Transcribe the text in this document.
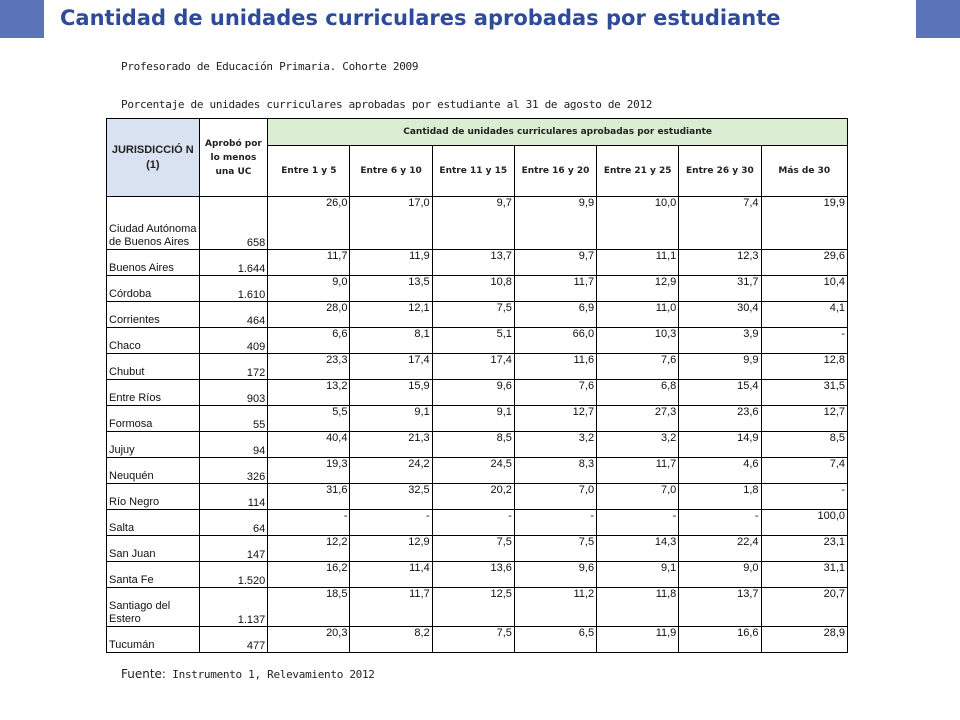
Cantidad de unidades curriculares aprobadas por estudiante
Profesorado de Educación Primaria. Cohorte 2009
Porcentaje de unidades curriculares aprobadas por estudiante al 31 de agosto de 2012
JURISDICCIÓ N (1)	Aprobó por lo menos una UC	Cantidad de unidades curriculares aprobadas por estudiante						
		Entre 1 y 5	Entre 6 y 10	Entre 11 y 15	Entre 16 y 20	Entre 21 y 25	Entre 26 y 30	Más de 30
Ciudad Autónoma de Buenos Aires	658	26,0	17,0	9,7	9,9	10,0	7,4	19,9
Buenos Aires	1.644	11,7	11,9	13,7	9,7	11,1	12,3	29,6
Córdoba	1.610	9,0	13,5	10,8	11,7	12,9	31,7	10,4
Corrientes	464	28,0	12,1	7,5	6,9	11,0	30,4	4,1
Chaco	409	6,6	8,1	5,1	66,0	10,3	3,9	-
Chubut	172	23,3	17,4	17,4	11,6	7,6	9,9	12,8
Entre Ríos	903	13,2	15,9	9,6	7,6	6,8	15,4	31,5
Formosa	55	5,5	9,1	9,1	12,7	27,3	23,6	12,7
Jujuy	94	40,4	21,3	8,5	3,2	3,2	14,9	8,5
Neuquén	326	19,3	24,2	24,5	8,3	11,7	4,6	7,4
Río Negro	114	31,6	32,5	20,2	7,0	7,0	1,8	-
Salta	64	-	-	-	-	-	-	100,0
San Juan	147	12,2	12,9	7,5	7,5	14,3	22,4	23,1
Santa Fe	1.520	16,2	11,4	13,6	9,6	9,1	9,0	31,1
Santiago del Estero	1.137	18,5	11,7	12,5	11,2	11,8	13,7	20,7
Tucumán	477	20,3	8,2	7,5	6,5	11,9	16,6	28,9
Fuente: Instrumento 1, Relevamiento 2012
